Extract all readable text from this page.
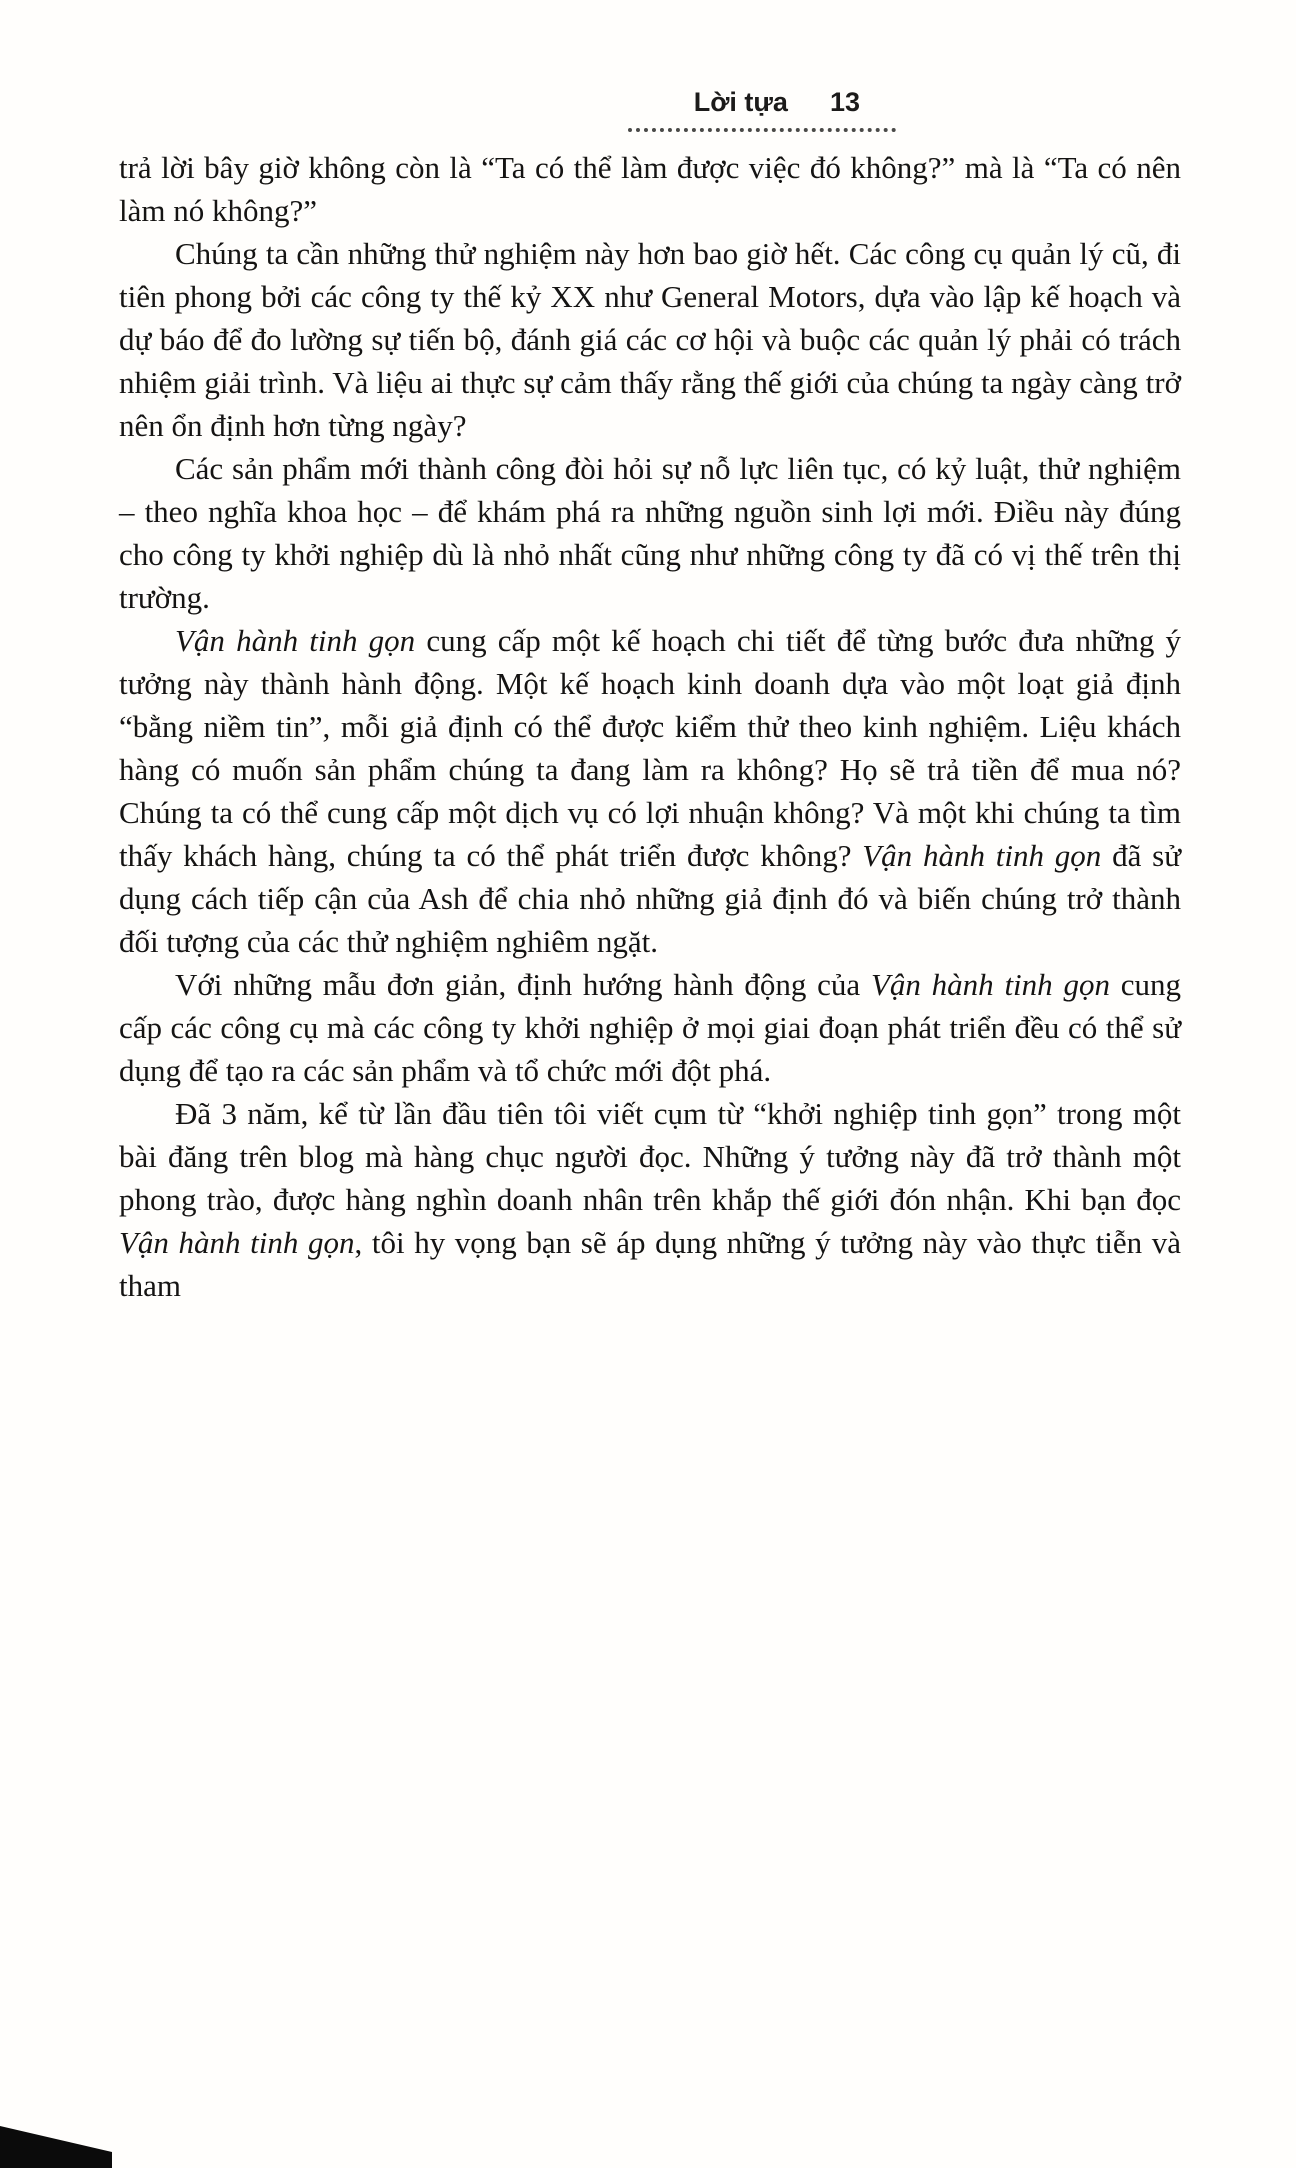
Lời tựa 13

trả lời bây giờ không còn là “Ta có thể làm được việc đó không?” mà là “Ta có nên làm nó không?”

Chúng ta cần những thử nghiệm này hơn bao giờ hết. Các công cụ quản lý cũ, đi tiên phong bởi các công ty thế kỷ XX như General Motors, dựa vào lập kế hoạch và dự báo để đo lường sự tiến bộ, đánh giá các cơ hội và buộc các quản lý phải có trách nhiệm giải trình. Và liệu ai thực sự cảm thấy rằng thế giới của chúng ta ngày càng trở nên ổn định hơn từng ngày?

Các sản phẩm mới thành công đòi hỏi sự nỗ lực liên tục, có kỷ luật, thử nghiệm – theo nghĩa khoa học – để khám phá ra những nguồn sinh lợi mới. Điều này đúng cho công ty khởi nghiệp dù là nhỏ nhất cũng như những công ty đã có vị thế trên thị trường.

Vận hành tinh gọn cung cấp một kế hoạch chi tiết để từng bước đưa những ý tưởng này thành hành động. Một kế hoạch kinh doanh dựa vào một loạt giả định “bằng niềm tin”, mỗi giả định có thể được kiểm thử theo kinh nghiệm. Liệu khách hàng có muốn sản phẩm chúng ta đang làm ra không? Họ sẽ trả tiền để mua nó? Chúng ta có thể cung cấp một dịch vụ có lợi nhuận không? Và một khi chúng ta tìm thấy khách hàng, chúng ta có thể phát triển được không? Vận hành tinh gọn đã sử dụng cách tiếp cận của Ash để chia nhỏ những giả định đó và biến chúng trở thành đối tượng của các thử nghiệm nghiêm ngặt.

Với những mẫu đơn giản, định hướng hành động của Vận hành tinh gọn cung cấp các công cụ mà các công ty khởi nghiệp ở mọi giai đoạn phát triển đều có thể sử dụng để tạo ra các sản phẩm và tổ chức mới đột phá.

Đã 3 năm, kể từ lần đầu tiên tôi viết cụm từ “khởi nghiệp tinh gọn” trong một bài đăng trên blog mà hàng chục người đọc. Những ý tưởng này đã trở thành một phong trào, được hàng nghìn doanh nhân trên khắp thế giới đón nhận. Khi bạn đọc Vận hành tinh gọn, tôi hy vọng bạn sẽ áp dụng những ý tưởng này vào thực tiễn và tham
